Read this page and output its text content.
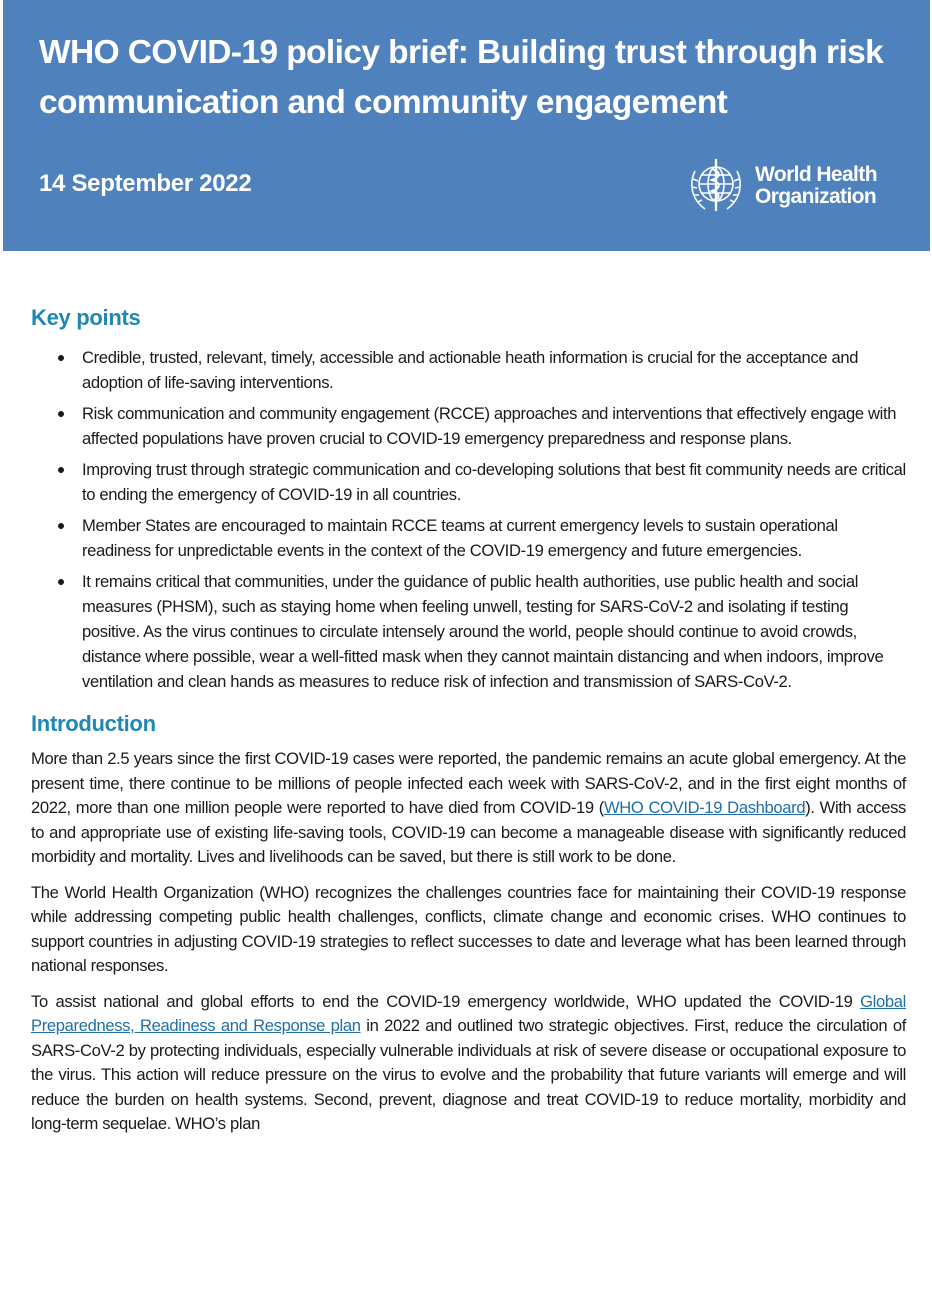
WHO COVID-19 policy brief: Building trust through risk communication and community engagement
14 September 2022	World Health
Organization
Key points
Credible, trusted, relevant, timely, accessible and actionable heath information is crucial for the acceptance and adoption of life-saving interventions.
Risk communication and community engagement (RCCE) approaches and interventions that effectively engage with affected populations have proven crucial to COVID-19 emergency preparedness and response plans.
Improving trust through strategic communication and co-developing solutions that best fit community needs are critical to ending the emergency of COVID-19 in all countries.
Member States are encouraged to maintain RCCE teams at current emergency levels to sustain operational readiness for unpredictable events in the context of the COVID-19 emergency and future emergencies.
It remains critical that communities, under the guidance of public health authorities, use public health and social measures (PHSM), such as staying home when feeling unwell, testing for SARS-CoV-2 and isolating if testing positive. As the virus continues to circulate intensely around the world, people should continue to avoid crowds, distance where possible, wear a well-fitted mask when they cannot maintain distancing and when indoors, improve ventilation and clean hands as measures to reduce risk of infection and transmission of SARS-CoV-2.
Introduction

More than 2.5 years since the first COVID-19 cases were reported, the pandemic remains an acute global emergency. At the present time, there continue to be millions of people infected each week with SARS-CoV-2, and in the first eight months of 2022, more than one million people were reported to have died from COVID-19 (WHO COVID-19 Dashboard). With access to and appropriate use of existing life-saving tools, COVID-19 can become a manageable disease with significantly reduced morbidity and mortality. Lives and livelihoods can be saved, but there is still work to be done.

The World Health Organization (WHO) recognizes the challenges countries face for maintaining their COVID-19 response while addressing competing public health challenges, conflicts, climate change and economic crises. WHO continues to support countries in adjusting COVID-19 strategies to reflect successes to date and leverage what has been learned through national responses.

To assist national and global efforts to end the COVID-19 emergency worldwide, WHO updated the COVID-19 Global Preparedness, Readiness and Response plan in 2022 and outlined two strategic objectives. First, reduce the circulation of SARS-CoV-2 by protecting individuals, especially vulnerable individuals at risk of severe disease or occupational exposure to the virus. This action will reduce pressure on the virus to evolve and the probability that future variants will emerge and will reduce the burden on health systems. Second, prevent, diagnose and treat COVID-19 to reduce mortality, morbidity and long-term sequelae. WHO’s plan
